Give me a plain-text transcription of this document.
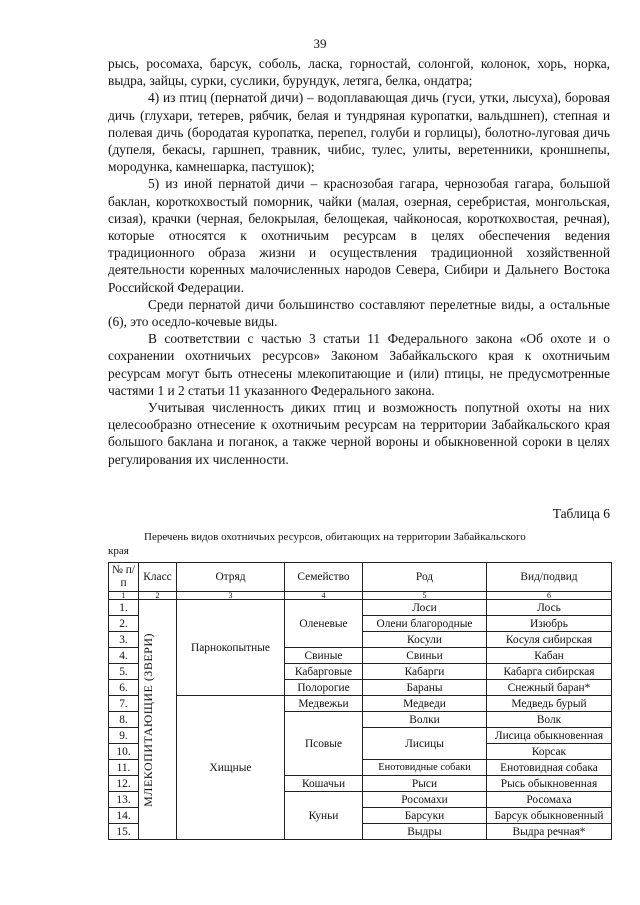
39

рысь, росомаха, барсук, соболь, ласка, горностай, солонгой, колонок, хорь, норка, выдра, зайцы, сурки, суслики, бурундук, летяга, белка, ондатра;

4) из птиц (пернатой дичи) – водоплавающая дичь (гуси, утки, лысуха), боровая дичь (глухари, тетерев, рябчик, белая и тундряная куропатки, вальдшнеп), степная и полевая дичь (бородатая куропатка, перепел, голуби и горлицы), болотно-луговая дичь (дупеля, бекасы, гаршнеп, травник, чибис, тулес, улиты, веретенники, кроншнепы, мородунка, камнешарка, пастушок);

5) из иной пернатой дичи – краснозобая гагара, чернозобая гагара, большой баклан, короткохвостый поморник, чайки (малая, озерная, серебристая, монгольская, сизая), крачки (черная, белокрылая, белощекая, чайконосая, короткохвостая, речная), которые относятся к охотничьим ресурсам в целях обеспечения ведения традиционного образа жизни и осуществления традиционной хозяйственной деятельности коренных малочисленных народов Севера, Сибири и Дальнего Востока Российской Федерации.

Среди пернатой дичи большинство составляют перелетные виды, а остальные (6), это оседло-кочевые виды.

В соответствии с частью 3 статьи 11 Федерального закона «Об охоте и о сохранении охотничьих ресурсов» Законом Забайкальского края к охотничьим ресурсам могут быть отнесены млекопитающие и (или) птицы, не предусмотренные частями 1 и 2 статьи 11 указанного Федерального закона.

Учитывая численность диких птиц и возможность попутной охоты на них целесообразно отнесение к охотничьим ресурсам на территории Забайкальского края большого баклана и поганок, а также черной вороны и обыкновенной сороки в целях регулирования их численности.

Таблица 6
Перечень видов охотничьих ресурсов, обитающих на территории Забайкальского
края
№ п/п	Класс	Отряд	Семейство	Род	Вид/подвид
1	2	3	4	5	6
1.	МЛЕКОПИТАЮЩИЕ (ЗВЕРИ)	Парнокопытные	Оленевые	Лоси	Лось
2.				Олени благородные	Изюбрь
3.				Косули	Косуля сибирская
4.			Свиные	Свиньи	Кабан
5.			Кабарговые	Кабарги	Кабарга сибирская
6.			Полорогие	Бараны	Снежный баран*
7.		Хищные	Медвежьи	Медведи	Медведь бурый
8.			Псовые	Волки	Волк
9.				Лисицы	Лисица обыкновенная
10.					Корсак
11.				Енотовидные собаки	Енотовидная собака
12.			Кошачьи	Рыси	Рысь обыкновенная
13.			Куньи	Росомахи	Росомаха
14.				Барсуки	Барсук обыкновенный
15.				Выдры	Выдра речная*
